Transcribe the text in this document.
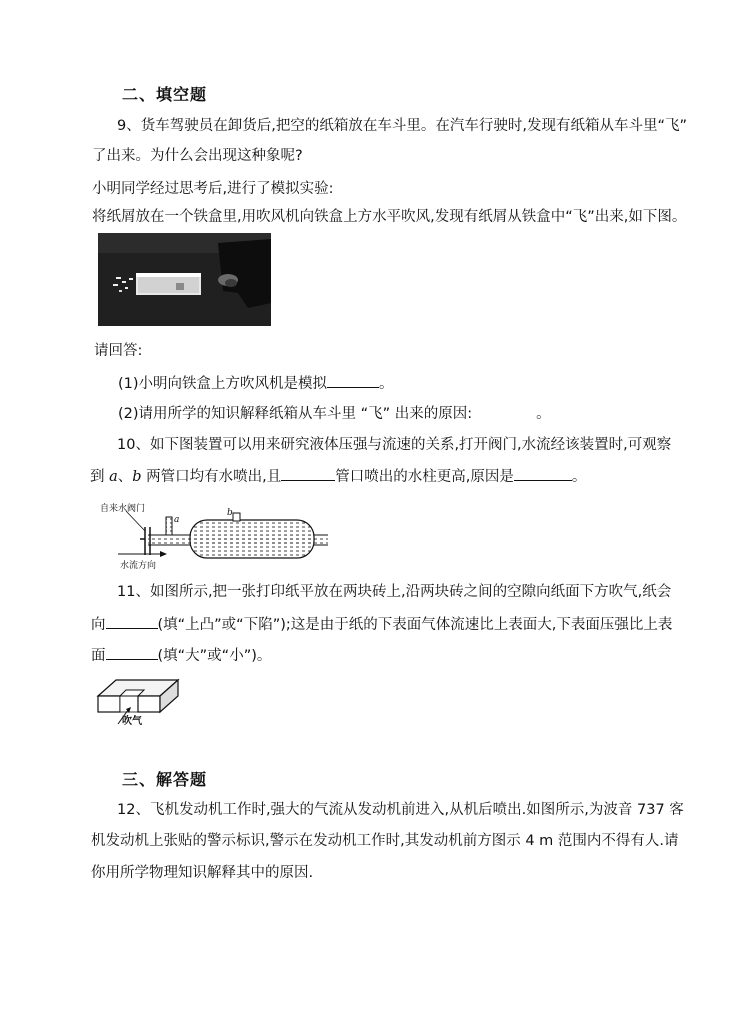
二、填空题
9、货车驾驶员在卸货后,把空的纸箱放在车斗里。在汽车行驶时,发现有纸箱从车斗里“飞”
了出来。为什么会出现这种象呢?
小明同学经过思考后,进行了模拟实验:
将纸屑放在一个铁盒里,用吹风机向铁盒上方水平吹风,发现有纸屑从铁盒中“飞”出来,如下图。
请回答:
(1)小明向铁盒上方吹风机是模拟	。
(2)请用所学的知识解释纸箱从车斗里 “飞” 出来的原因:	。
10、如下图装置可以用来研究液体压强与流速的关系,打开阀门,水流经该装置时,可观察
到 a、b 两管口均有水喷出,且	管口喷出的水柱更高,原因是	。
自来水阀门
a
b
水流方向
11、如图所示,把一张打印纸平放在两块砖上,沿两块砖之间的空隙向纸面下方吹气,纸会
向	(填“上凸”或“下陷”);这是由于纸的下表面气体流速比上表面大,下表面压强比上表
面	(填“大”或“小”)。
吹气
三、解答题
12、飞机发动机工作时,强大的气流从发动机前进入,从机后喷出.如图所示,为波音 737 客
机发动机上张贴的警示标识,警示在发动机工作时,其发动机前方图示 4 m 范围内不得有人.请
你用所学物理知识解释其中的原因.
